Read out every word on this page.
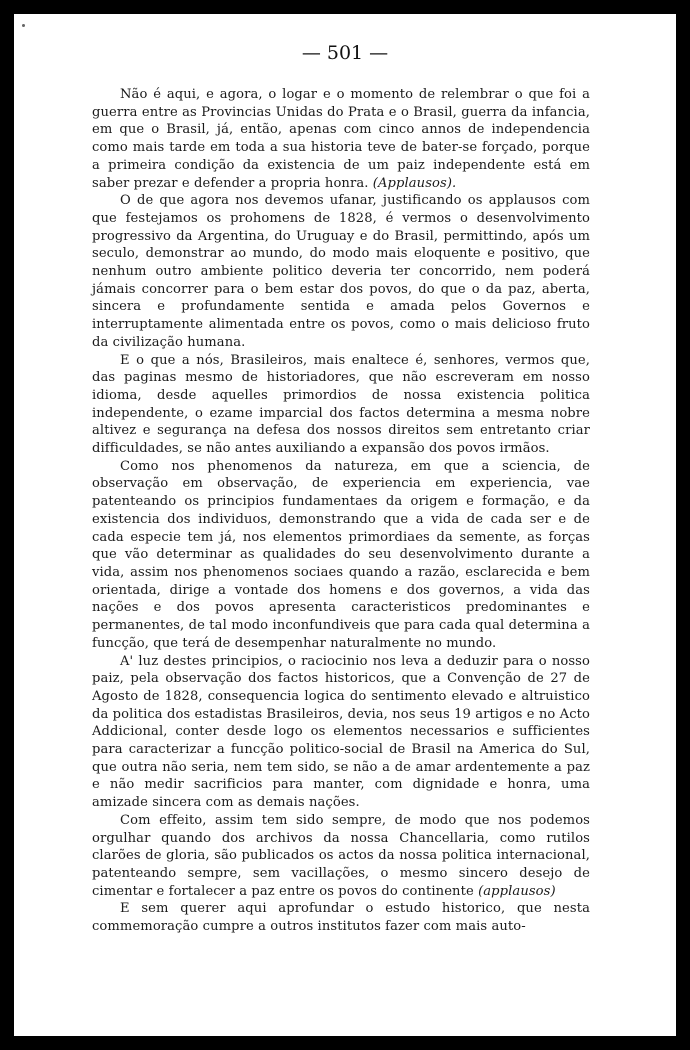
— 501 —

Não é aqui, e agora, o logar e o momento de relembrar o que foi a guerra entre as Provincias Unidas do Prata e o Brasil, guerra da infancia, em que o Brasil, já, então, apenas com cinco annos de independencia como mais tarde em toda a sua historia teve de bater-se forçado, porque a primeira condição da existencia de um paiz independente está em saber prezar e defender a propria honra. (Applausos).

O de que agora nos devemos ufanar, justificando os applausos com que festejamos os prohomens de 1828, é vermos o desenvolvimento progressivo da Argentina, do Uruguay e do Brasil, permittindo, após um seculo, demonstrar ao mundo, do modo mais eloquente e positivo, que nenhum outro ambiente politico deveria ter concorrido, nem poderá jámais concorrer para o bem estar dos povos, do que o da paz, aberta, sincera e profundamente sentida e amada pelos Governos e interruptamente alimentada entre os povos, como o mais delicioso fruto da civilização humana.

E o que a nós, Brasileiros, mais enaltece é, senhores, vermos que, das paginas mesmo de historiadores, que não escreveram em nosso idioma, desde aquelles primordios de nossa existencia politica independente, o ezame imparcial dos factos determina a mesma nobre altivez e segurança na defesa dos nossos direitos sem entretanto criar difficuldades, se não antes auxiliando a expansão dos povos irmãos.

Como nos phenomenos da natureza, em que a sciencia, de observação em observação, de experiencia em experiencia, vae patenteando os principios fundamentaes da origem e formação, e da existencia dos individuos, demonstrando que a vida de cada ser e de cada especie tem já, nos elementos primordiaes da semente, as forças que vão determinar as qualidades do seu desenvolvimento durante a vida, assim nos phenomenos sociaes quando a razão, esclarecida e bem orientada, dirige a vontade dos homens e dos governos, a vida das nações e dos povos apresenta caracteristicos predominantes e permanentes, de tal modo inconfundiveis que para cada qual determina a funcção, que terá de desempenhar naturalmente no mundo.

A' luz destes principios, o raciocinio nos leva a deduzir para o nosso paiz, pela observação dos factos historicos, que a Convenção de 27 de Agosto de 1828, consequencia logica do sentimento elevado e altruistico da politica dos estadistas Brasileiros, devia, nos seus 19 artigos e no Acto Addicional, conter desde logo os elementos necessarios e sufficientes para caracterizar a funcção politico-social de Brasil na America do Sul, que outra não seria, nem tem sido, se não a de amar ardentemente a paz e não medir sacrificios para manter, com dignidade e honra, uma amizade sincera com as demais nações.

Com effeito, assim tem sido sempre, de modo que nos podemos orgulhar quando dos archivos da nossa Chancellaria, como rutilos clarões de gloria, são publicados os actos da nossa politica internacional, patenteando sempre, sem vacillações, o mesmo sincero desejo de cimentar e fortalecer a paz entre os povos do continente (applausos)

E sem querer aqui aprofundar o estudo historico, que nesta commemoração cumpre a outros institutos fazer com mais auto-
